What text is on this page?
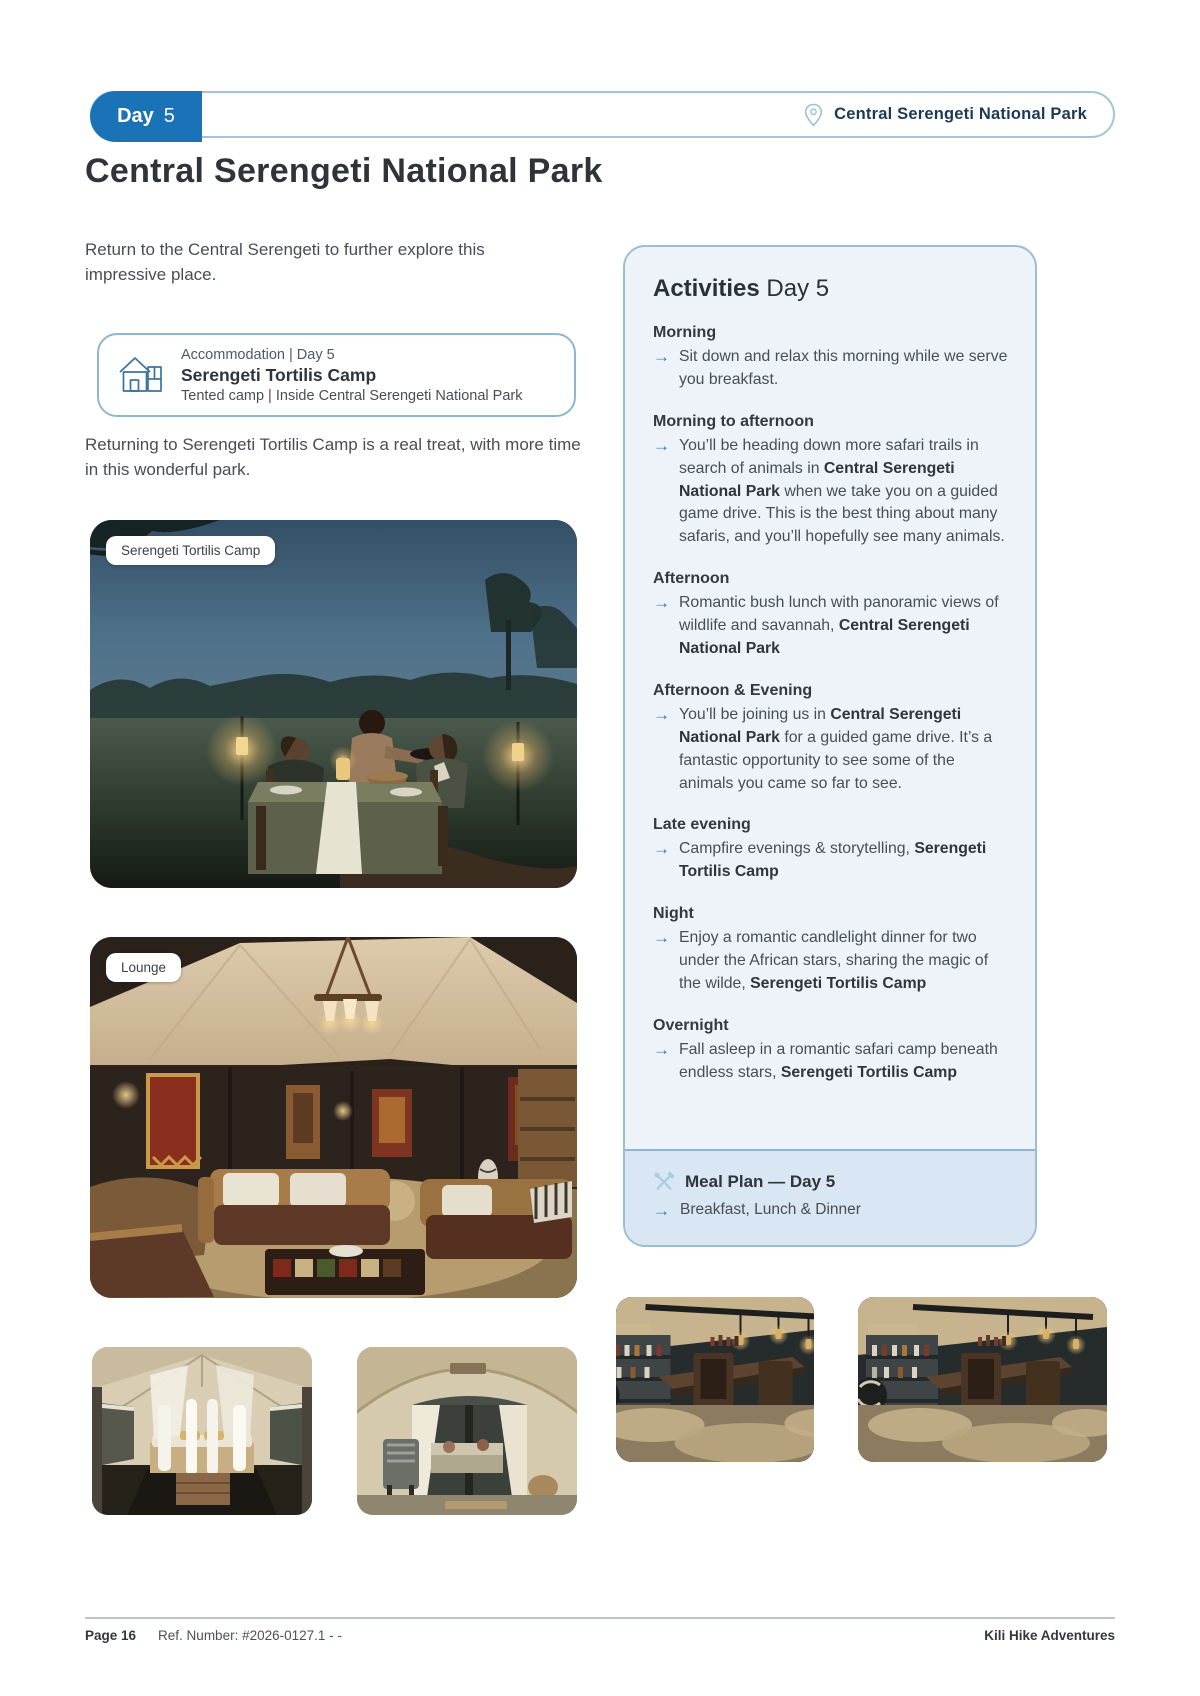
Day 5	Central Serengeti National Park
Central Serengeti National Park

Return to the Central Serengeti to further explore this impressive place.

Accommodation | Day 5
Serengeti Tortilis Camp
Tented camp | Inside Central Serengeti National Park

Returning to Serengeti Tortilis Camp is a real treat, with more time in this wonderful park.

Serengeti Tortilis Camp
Lounge
Activities Day 5
Morning
→ Sit down and relax this morning while we serve you breakfast.
Morning to afternoon
→ You’ll be heading down more safari trails in search of animals in Central Serengeti National Park when we take you on a guided game drive. This is the best thing about many safaris, and you’ll hopefully see many animals.
Afternoon
→ Romantic bush lunch with panoramic views of wildlife and savannah, Central Serengeti National Park
Afternoon & Evening
→ You’ll be joining us in Central Serengeti National Park for a guided game drive. It’s a fantastic opportunity to see some of the animals you came so far to see.
Late evening
→ Campfire evenings & storytelling, Serengeti Tortilis Camp
Night
→ Enjoy a romantic candlelight dinner for two under the African stars, sharing the magic of the wilde, Serengeti Tortilis Camp
Overnight
→ Fall asleep in a romantic safari camp beneath endless stars, Serengeti Tortilis Camp
Meal Plan — Day 5
→ Breakfast, Lunch & Dinner
Page 16 Ref. Number: #2026-0127.1 - -	Kili Hike Adventures
